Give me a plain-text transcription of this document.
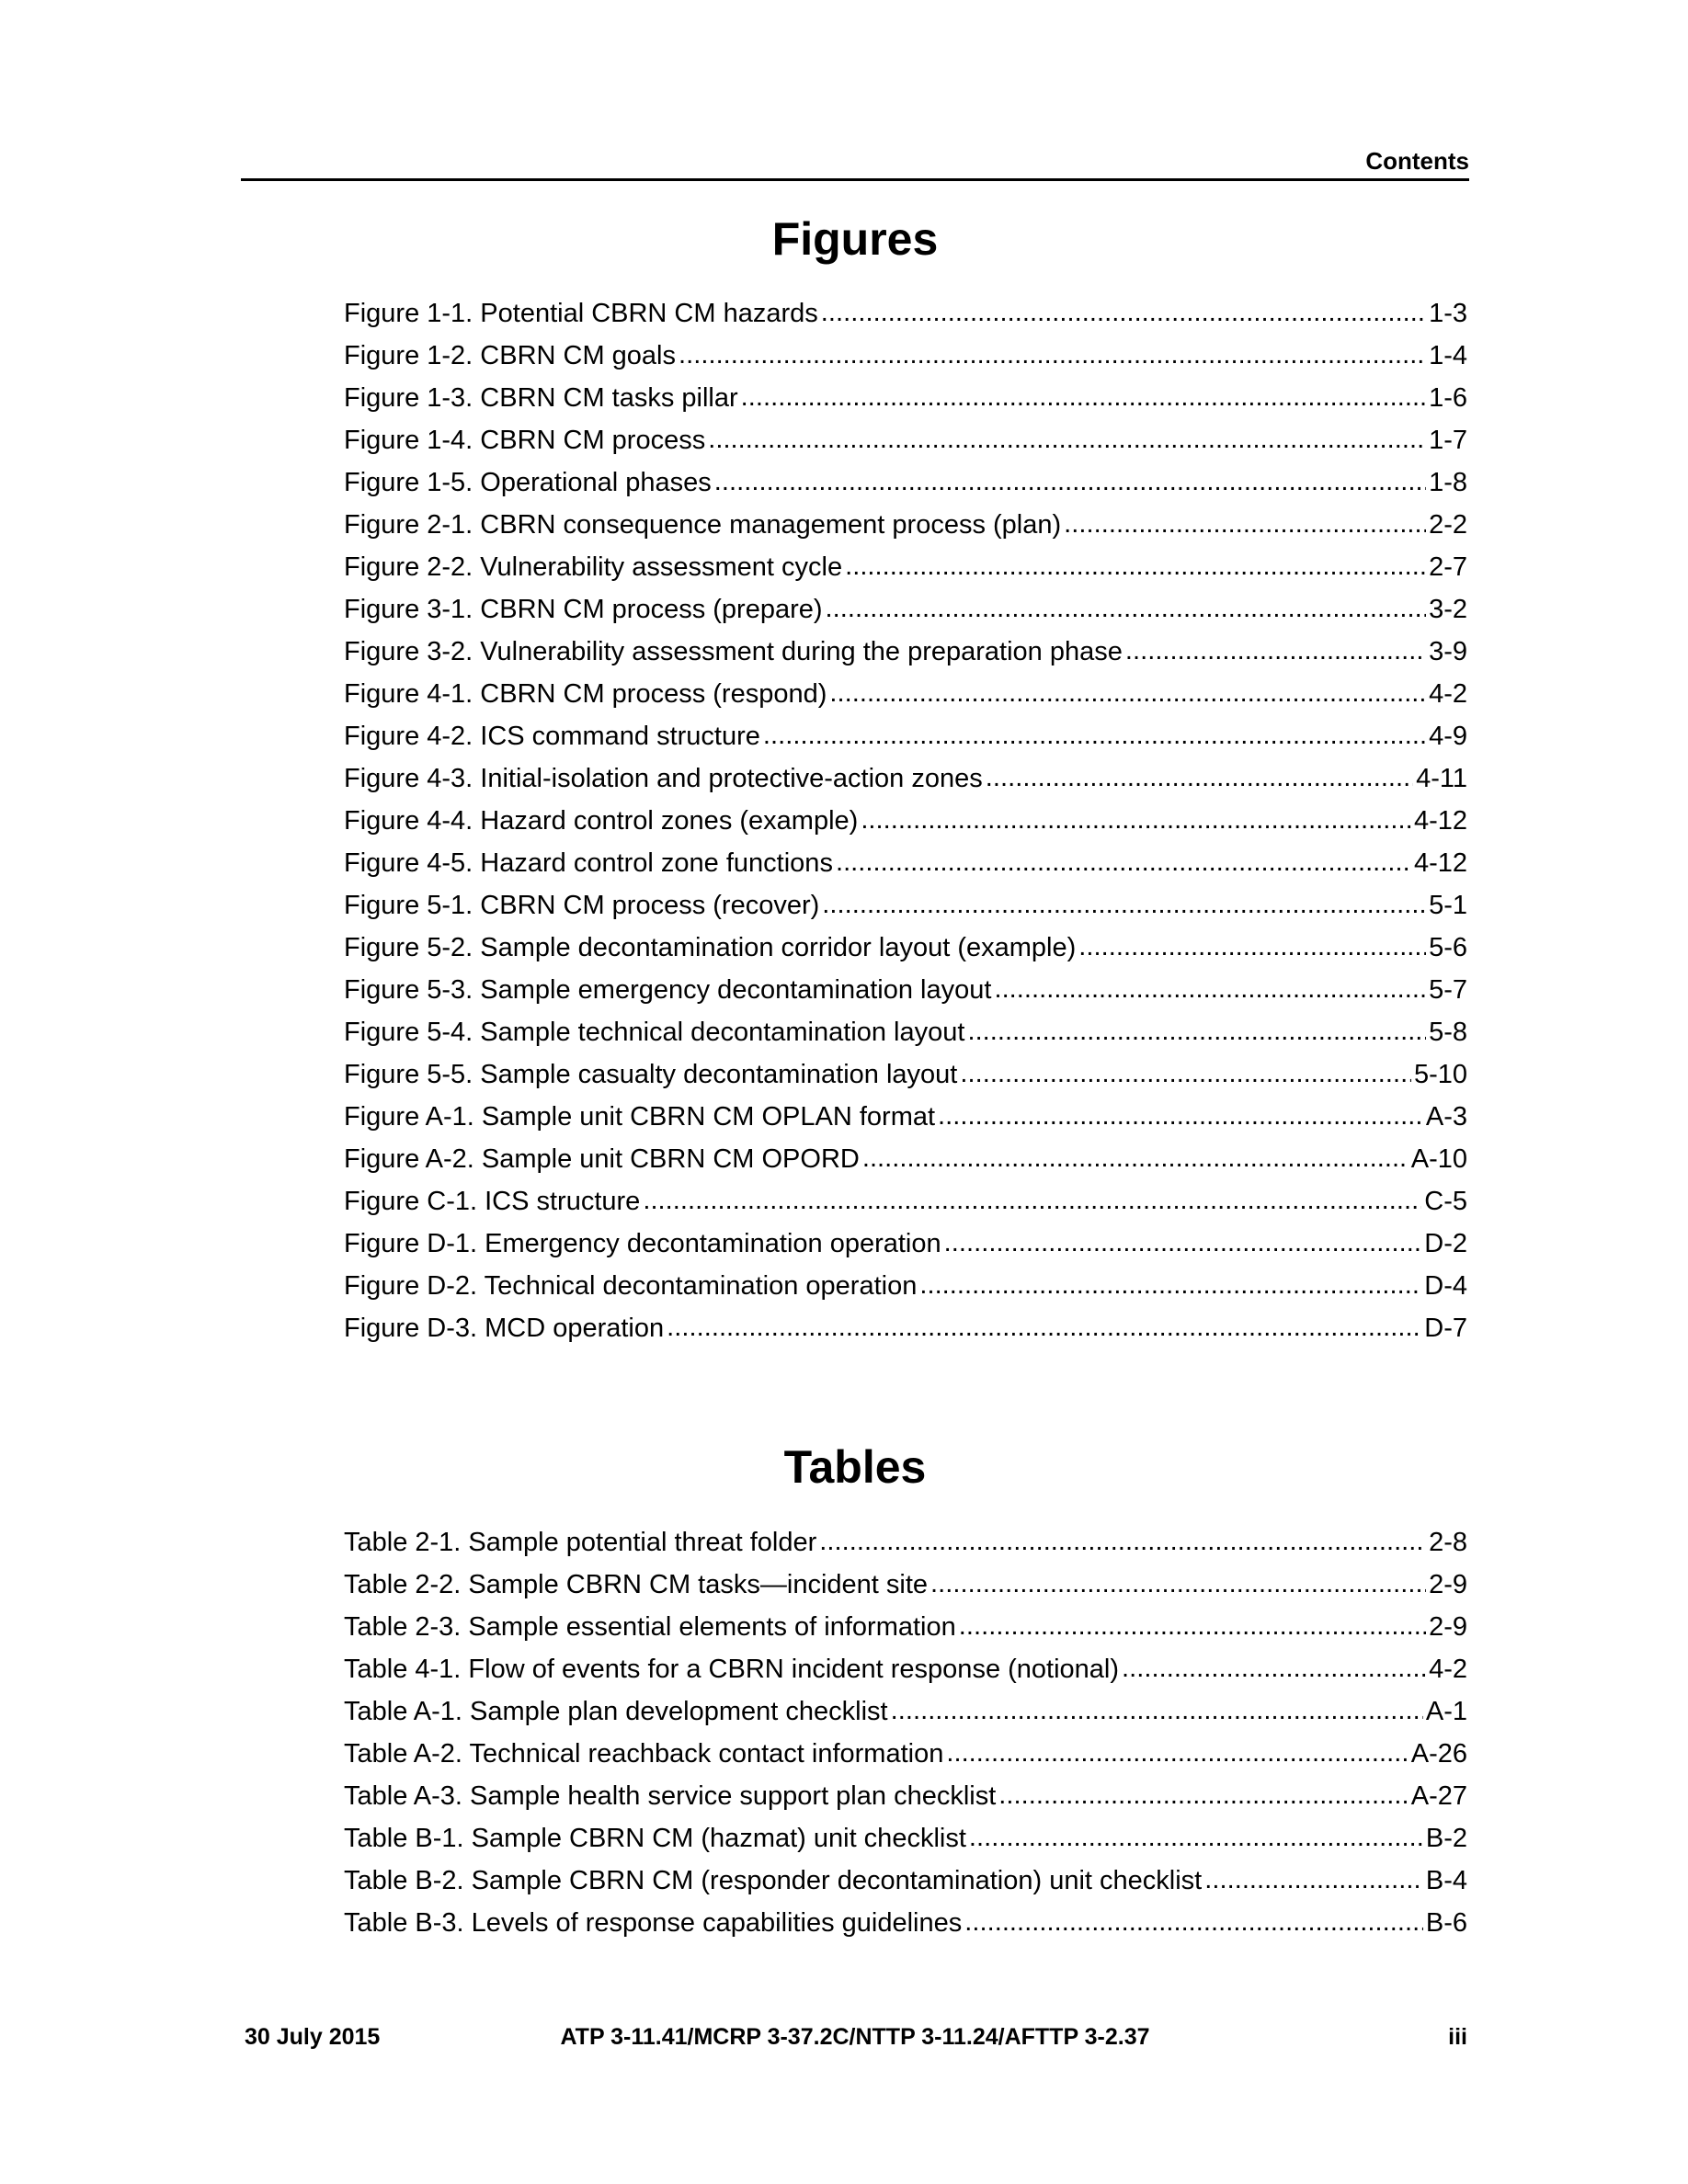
Contents
Figures
Figure 1-1. Potential CBRN CM hazards . . .	1-3
Figure 1-2. CBRN CM goals . . .	1-4
Figure 1-3. CBRN CM tasks pillar . . .	1-6
Figure 1-4. CBRN CM process . . .	1-7
Figure 1-5. Operational phases . . .	1-8
Figure 2-1. CBRN consequence management process (plan) . . .	2-2
Figure 2-2. Vulnerability assessment cycle . . .	2-7
Figure 3-1. CBRN CM process (prepare) . . .	3-2
Figure 3-2. Vulnerability assessment during the preparation phase . . .	3-9
Figure 4-1. CBRN CM process (respond) . . .	4-2
Figure 4-2. ICS command structure . . .	4-9
Figure 4-3. Initial-isolation and protective-action zones . . .	4-11
Figure 4-4. Hazard control zones (example) . . .	4-12
Figure 4-5. Hazard control zone functions . . .	4-12
Figure 5-1. CBRN CM process (recover) . . .	5-1
Figure 5-2. Sample decontamination corridor layout (example) . . .	5-6
Figure 5-3. Sample emergency decontamination layout . . .	5-7
Figure 5-4. Sample technical decontamination layout . . .	5-8
Figure 5-5. Sample casualty decontamination layout . . .	5-10
Figure A-1. Sample unit CBRN CM OPLAN format . . .	A-3
Figure A-2. Sample unit CBRN CM OPORD . . .	A-10
Figure C-1. ICS structure . . .	C-5
Figure D-1. Emergency decontamination operation . . .	D-2
Figure D-2. Technical decontamination operation . . .	D-4
Figure D-3. MCD operation . . .	D-7
Tables
Table 2-1. Sample potential threat folder . . .	2-8
Table 2-2. Sample CBRN CM tasks—incident site . . .	2-9
Table 2-3. Sample essential elements of information . . .	2-9
Table 4-1. Flow of events for a CBRN incident response (notional) . . .	4-2
Table A-1. Sample plan development checklist . . .	A-1
Table A-2. Technical reachback contact information . . .	A-26
Table A-3. Sample health service support plan checklist . . .	A-27
Table B-1. Sample CBRN CM (hazmat) unit checklist . . .	B-2
Table B-2. Sample CBRN CM (responder decontamination) unit checklist . . .	B-4
Table B-3. Levels of response capabilities guidelines . . .	B-6
30 July 2015	ATP 3-11.41/MCRP 3-37.2C/NTTP 3-11.24/AFTTP 3-2.37	iii
